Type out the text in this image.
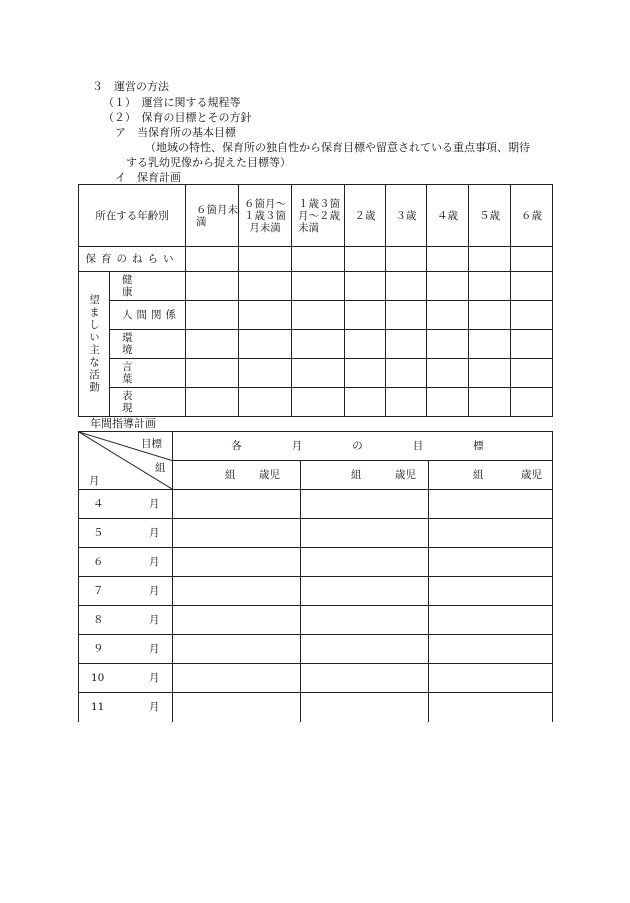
３　運営の方法
（１）　運営に関する規程等
（２）　保育の目標とその方針
ア　当保育所の基本目標
（地域の特性、保育所の独自性から保育目標や留意されている重点事項、期待
する乳幼児像から捉えた目標等）
イ　保育計画
所在する年齢別		６箇月未満	６箇月〜１歳３箇月未満	１歳３箇月〜２歳未満	２歳	３歳	４歳	５歳	６歳
保育のねらい									

望ましい主な活動	健康								
	人間関係								
	環境								
	言葉								
	表現								
年間指導計画
目標
組
月	各月の目標		

	組 歳児	組 歳児	組 歳児

４ 月			

５ 月			

６ 月			

７ 月			

８ 月			

９ 月			

10 月			

11 月			
